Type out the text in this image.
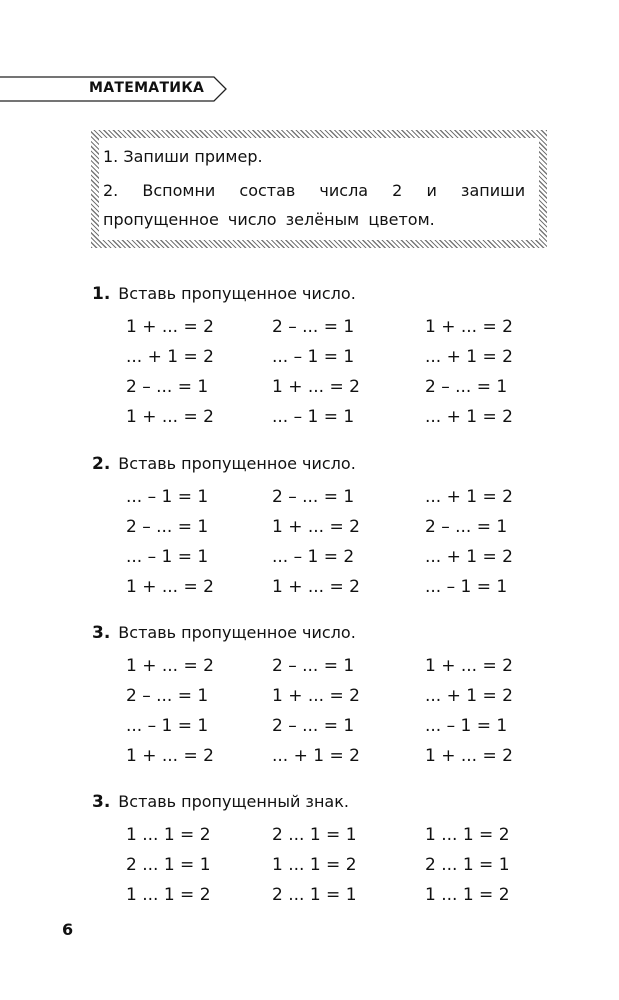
МАТЕМАТИКА
1. Запиши пример.
2. Вспомни состав числа 2 и запиши
пропущенное число зелёным цветом.
1. Вставь пропущенное число.
1 + ... = 2	2 – ... = 1	1 + ... = 2
... + 1 = 2	... – 1 = 1	... + 1 = 2
2 – ... = 1	1 + ... = 2	2 – ... = 1
1 + ... = 2	... – 1 = 1	... + 1 = 2
2. Вставь пропущенное число.
... – 1 = 1	2 – ... = 1	... + 1 = 2
2 – ... = 1	1 + ... = 2	2 – ... = 1
... – 1 = 1	... – 1 = 2	... + 1 = 2
1 + ... = 2	1 + ... = 2	... – 1 = 1
3. Вставь пропущенное число.
1 + ... = 2	2 – ... = 1	1 + ... = 2
2 – ... = 1	1 + ... = 2	... + 1 = 2
... – 1 = 1	2 – ... = 1	... – 1 = 1
1 + ... = 2	... + 1 = 2	1 + ... = 2
3. Вставь пропущенный знак.
1 ... 1 = 2	2 ... 1 = 1	1 ... 1 = 2
2 ... 1 = 1	1 ... 1 = 2	2 ... 1 = 1
1 ... 1 = 2	2 ... 1 = 1	1 ... 1 = 2
6
